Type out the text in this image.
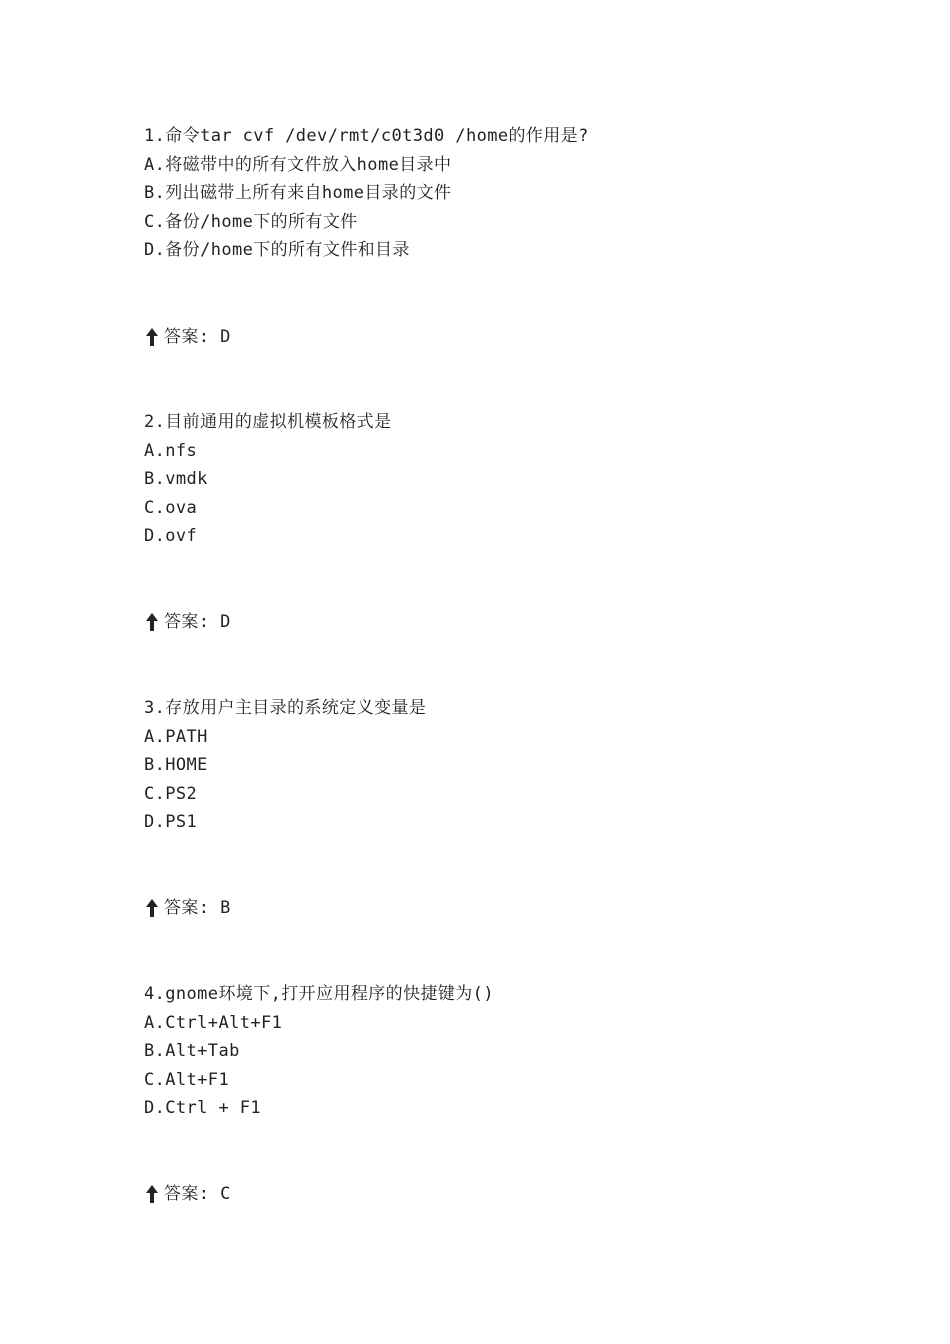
1.命令tar cvf /dev/rmt/c0t3d0 /home的作用是?
A.将磁带中的所有文件放入home目录中
B.列出磁带上所有来自home目录的文件
C.备份/home下的所有文件
D.备份/home下的所有文件和目录
答案: D
2.目前通用的虚拟机模板格式是
A.nfs
B.vmdk
C.ova
D.ovf
答案: D
3.存放用户主目录的系统定义变量是
A.PATH
B.HOME
C.PS2
D.PS1
答案: B
4.gnome环境下,打开应用程序的快捷键为()
A.Ctrl+Alt+F1
B.Alt+Tab
C.Alt+F1
D.Ctrl + F1
答案: C
